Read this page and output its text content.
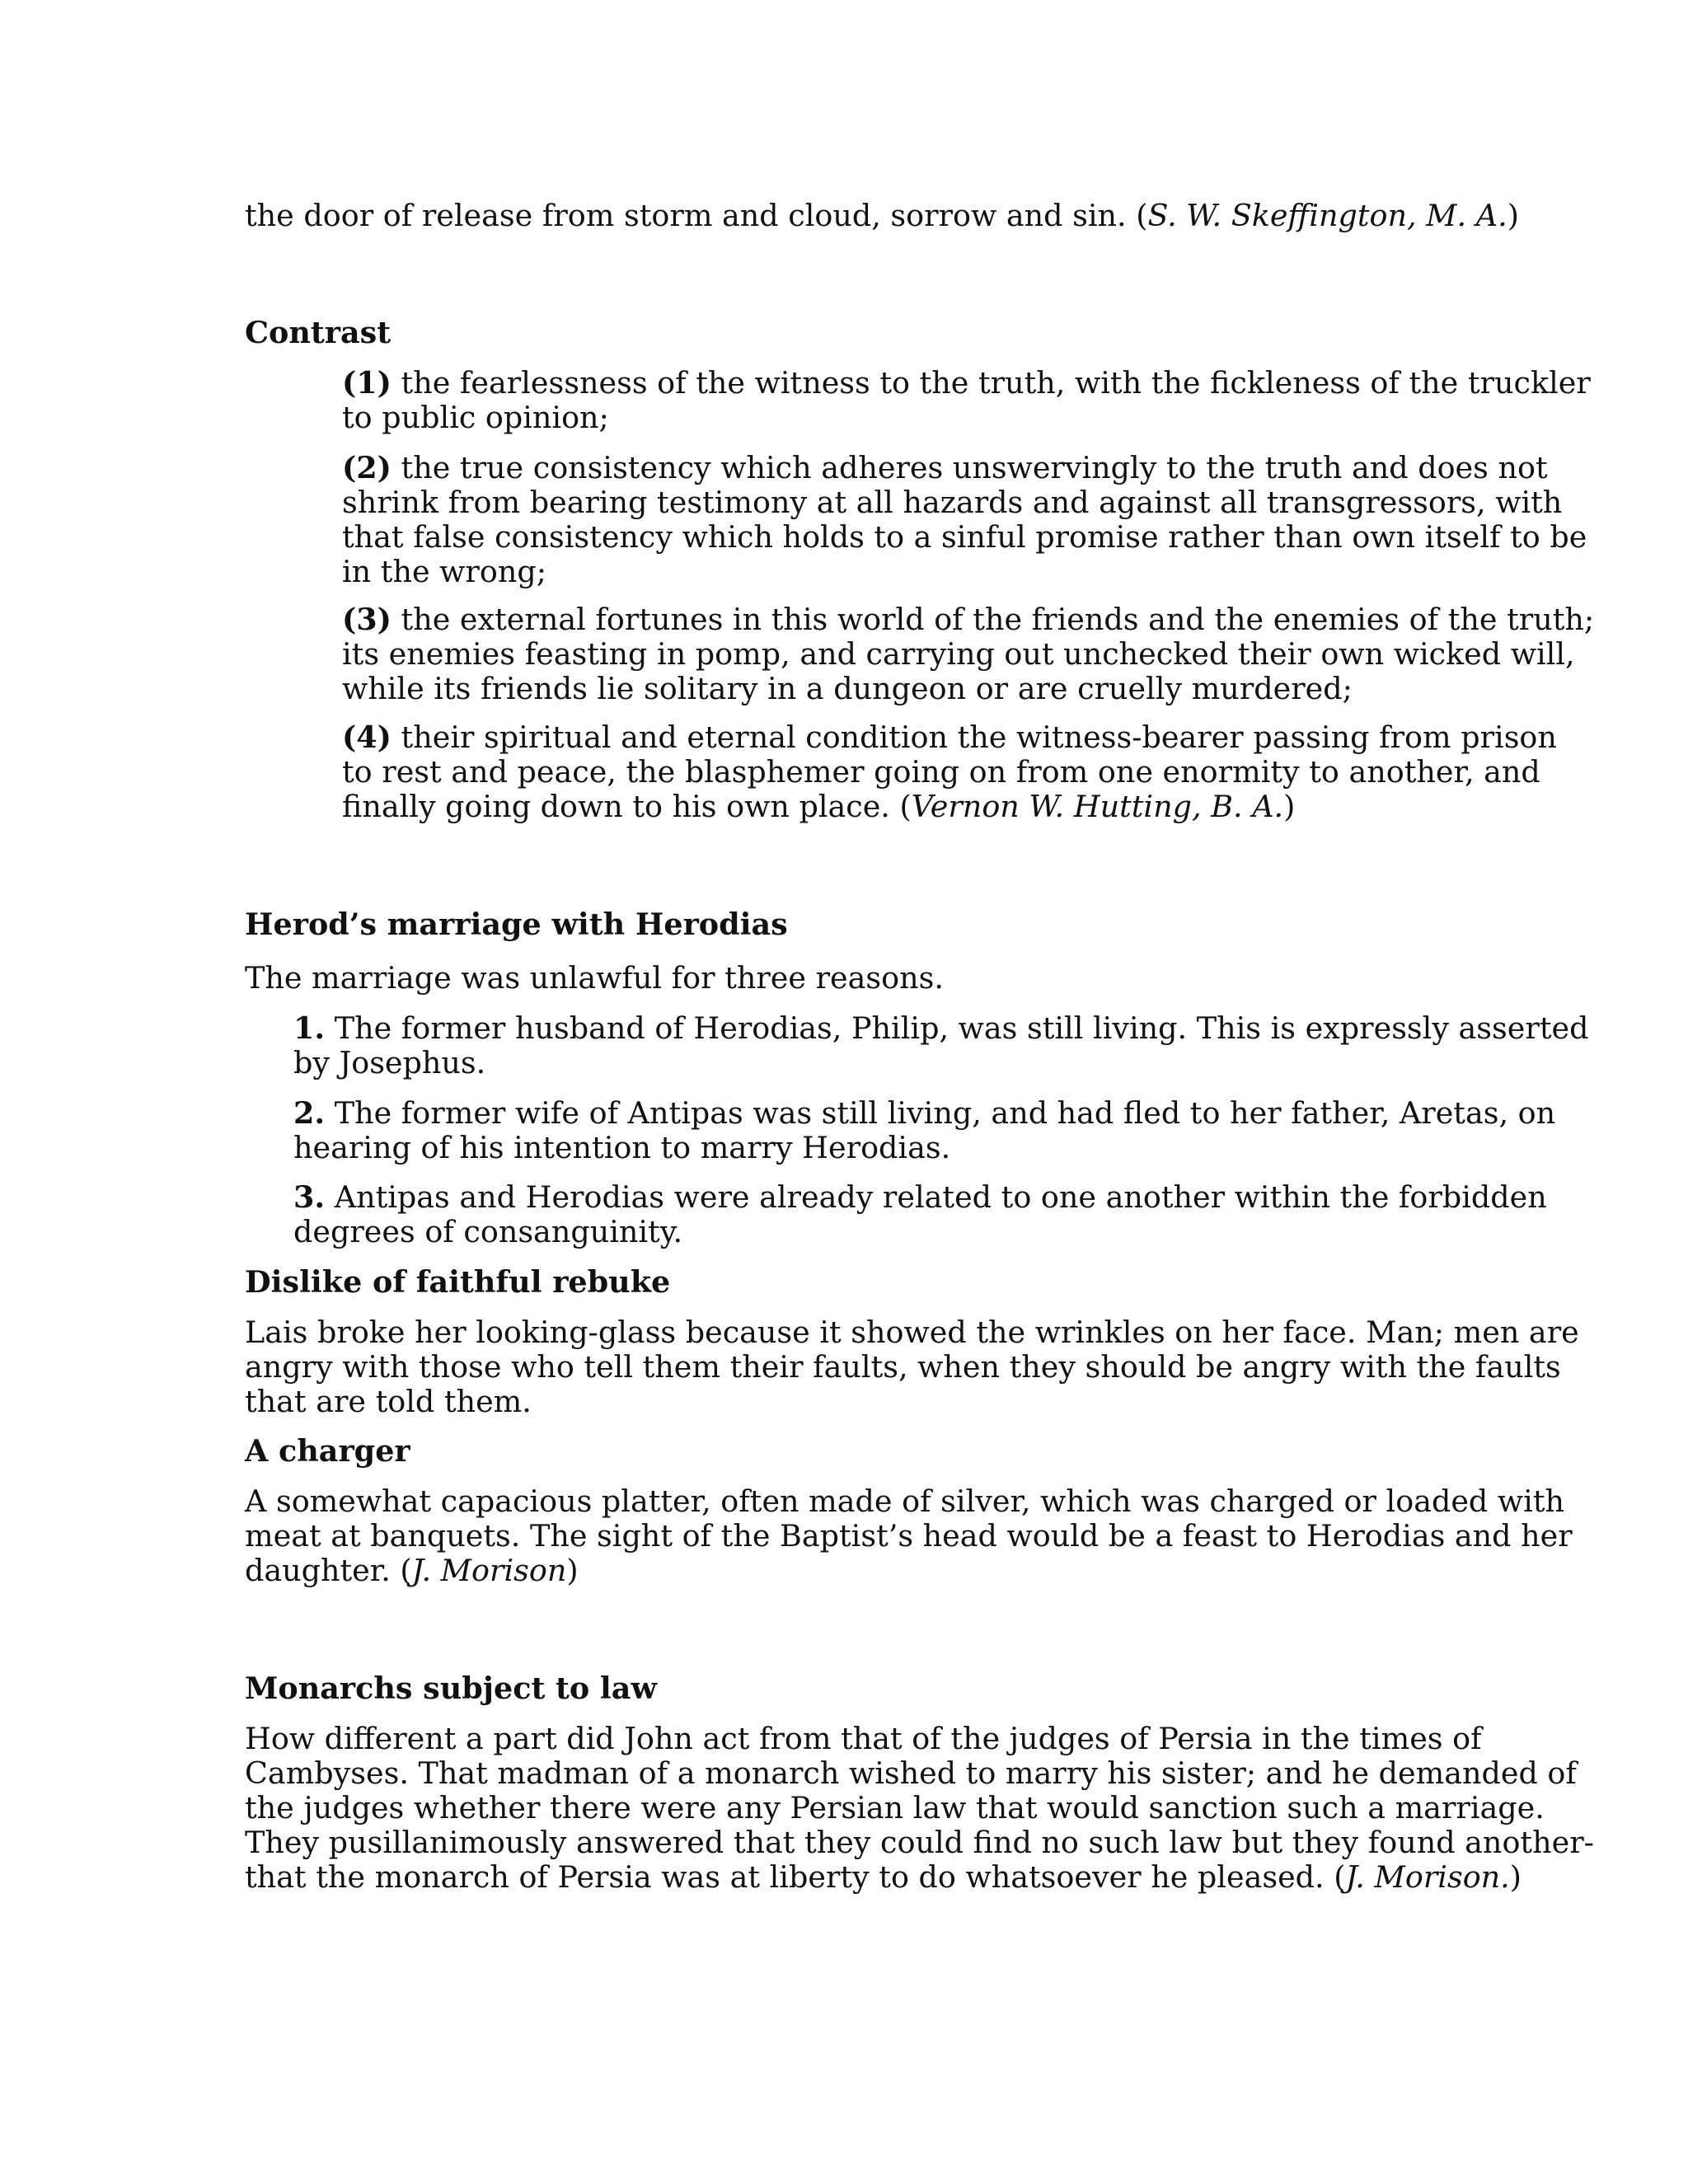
the door of release from storm and cloud, sorrow and sin. (S. W. Skeffington, M. A.)

Contrast
(1) the fearlessness of the witness to the truth, with the fickleness of the truckler
to public opinion;
(2) the true consistency which adheres unswervingly to the truth and does not
shrink from bearing testimony at all hazards and against all transgressors, with
that false consistency which holds to a sinful promise rather than own itself to be
in the wrong;
(3) the external fortunes in this world of the friends and the enemies of the truth;
its enemies feasting in pomp, and carrying out unchecked their own wicked will,
while its friends lie solitary in a dungeon or are cruelly murdered;
(4) their spiritual and eternal condition the witness-bearer passing from prison
to rest and peace, the blasphemer going on from one enormity to another, and
finally going down to his own place. (Vernon W. Hutting, B. A.)
Herod’s marriage with Herodias

The marriage was unlawful for three reasons.

1. The former husband of Herodias, Philip, was still living. This is expressly asserted
by Josephus.
2. The former wife of Antipas was still living, and had fled to her father, Aretas, on
hearing of his intention to marry Herodias.
3. Antipas and Herodias were already related to one another within the forbidden
degrees of consanguinity.
Dislike of faithful rebuke
Lais broke her looking-glass because it showed the wrinkles on her face. Man; men are
angry with those who tell them their faults, when they should be angry with the faults
that are told them.
A charger
A somewhat capacious platter, often made of silver, which was charged or loaded with
meat at banquets. The sight of the Baptist’s head would be a feast to Herodias and her
daughter. (J. Morison)
Monarchs subject to law
How different a part did John act from that of the judges of Persia in the times of
Cambyses. That madman of a monarch wished to marry his sister; and he demanded of
the judges whether there were any Persian law that would sanction such a marriage.
They pusillanimously answered that they could find no such law but they found another-
that the monarch of Persia was at liberty to do whatsoever he pleased. (J. Morison.)
